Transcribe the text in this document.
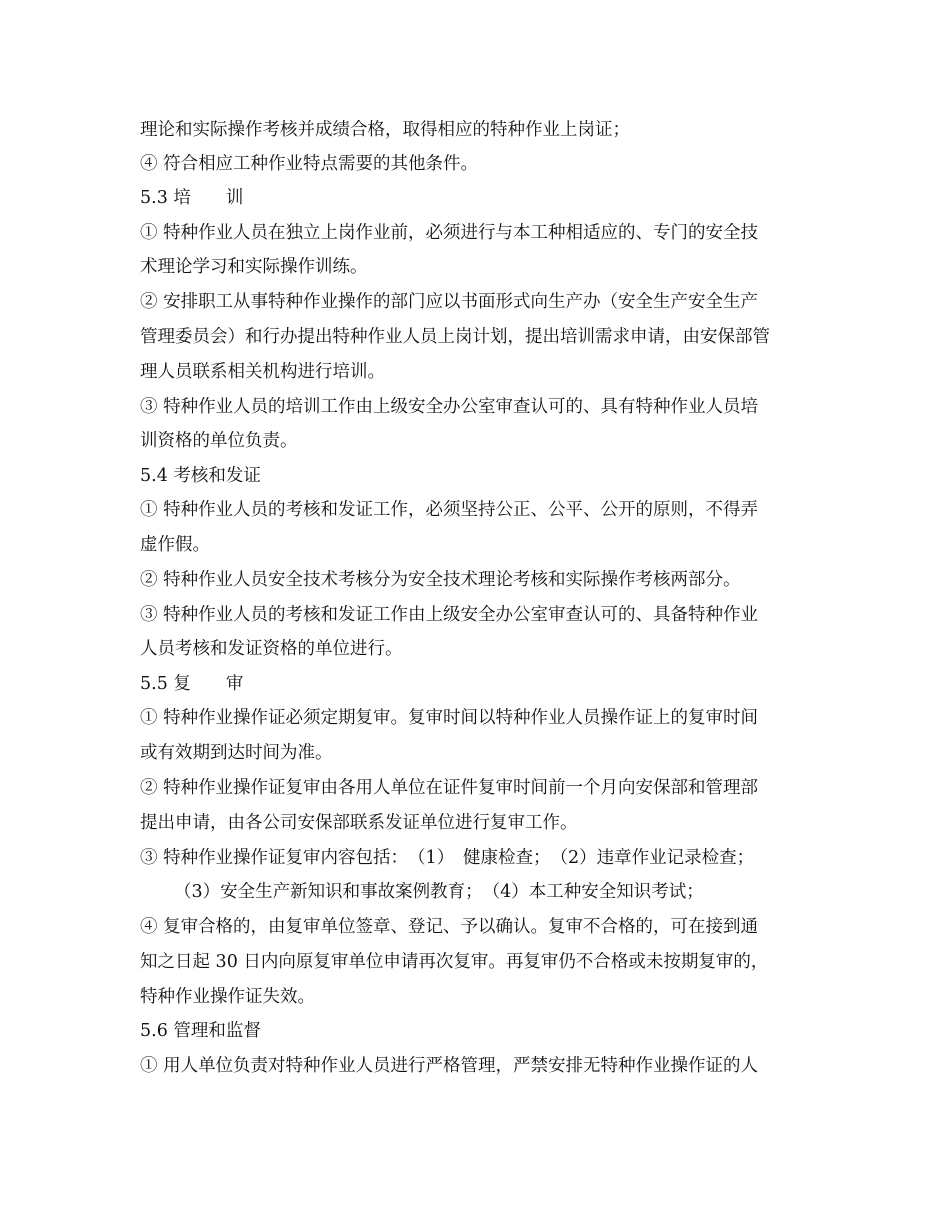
理论和实际操作考核并成绩合格，取得相应的特种作业上岗证；
④ 符合相应工种作业特点需要的其他条件。
5.3 培　　训
① 特种作业人员在独立上岗作业前，必须进行与本工种相适应的、专门的安全技
术理论学习和实际操作训练。
② 安排职工从事特种作业操作的部门应以书面形式向生产办（安全生产安全生产
管理委员会）和行办提出特种作业人员上岗计划，提出培训需求申请，由安保部管
理人员联系相关机构进行培训。
③ 特种作业人员的培训工作由上级安全办公室审查认可的、具有特种作业人员培
训资格的单位负责。
5.4 考核和发证
① 特种作业人员的考核和发证工作，必须坚持公正、公平、公开的原则，不得弄
虚作假。
② 特种作业人员安全技术考核分为安全技术理论考核和实际操作考核两部分。
③ 特种作业人员的考核和发证工作由上级安全办公室审查认可的、具备特种作业
人员考核和发证资格的单位进行。
5.5 复　　审
① 特种作业操作证必须定期复审。复审时间以特种作业人员操作证上的复审时间
或有效期到达时间为准。
② 特种作业操作证复审由各用人单位在证件复审时间前一个月向安保部和管理部
提出申请，由各公司安保部联系发证单位进行复审工作。
③ 特种作业操作证复审内容包括：　（1）　健康检查；　（2）违章作业记录检查；
（3）安全生产新知识和事故案例教育；　（4）本工种安全知识考试；
④ 复审合格的，由复审单位签章、登记、予以确认。复审不合格的，可在接到通
知之日起 30 日内向原复审单位申请再次复审。再复审仍不合格或未按期复审的，
特种作业操作证失效。
5.6 管理和监督
① 用人单位负责对特种作业人员进行严格管理，严禁安排无特种作业操作证的人
